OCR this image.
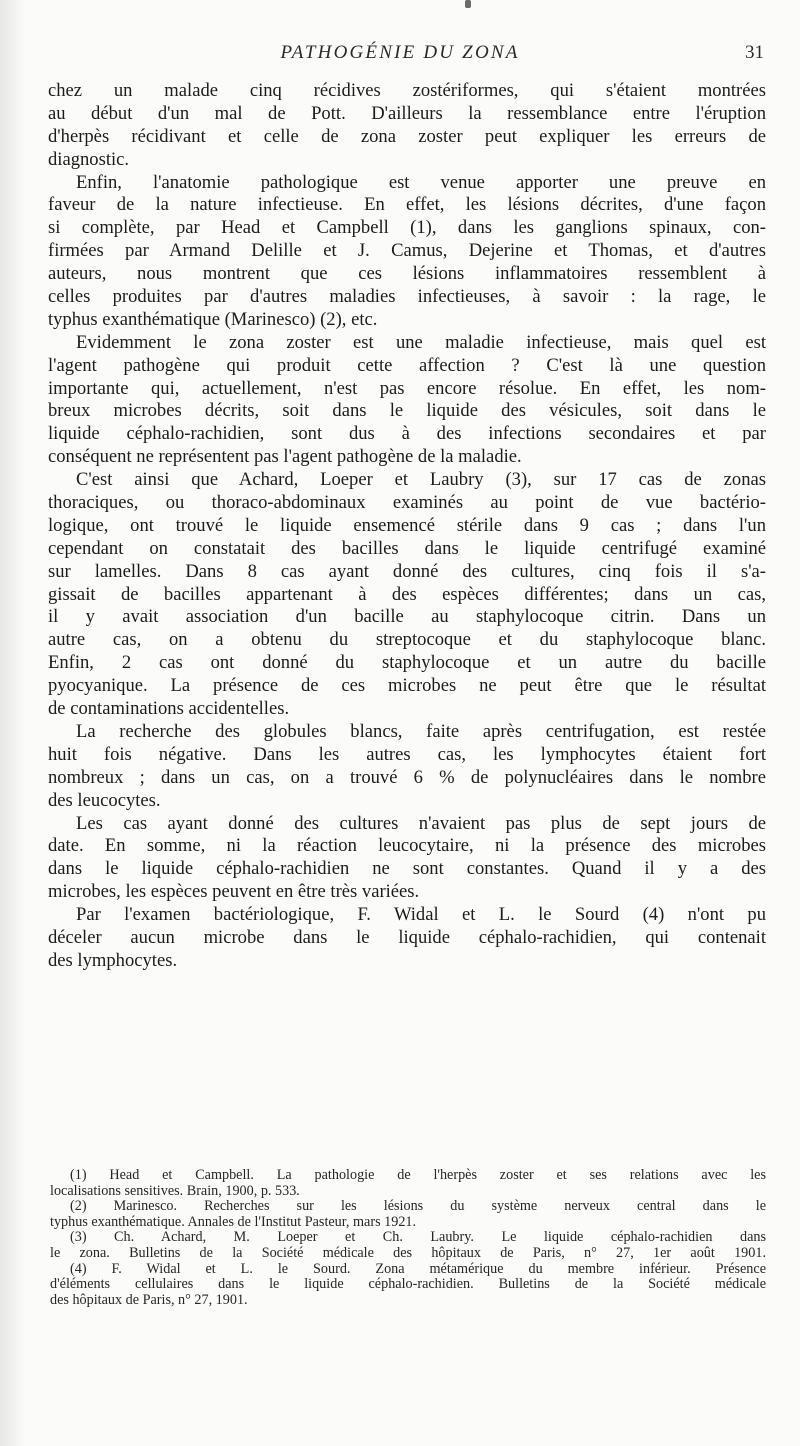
PATHOGÉNIE DU ZONA	31
chez un malade cinq récidives zostériformes, qui s'étaient montrées
au début d'un mal de Pott. D'ailleurs la ressemblance entre l'éruption
d'herpès récidivant et celle de zona zoster peut expliquer les erreurs de
diagnostic.
Enfin, l'anatomie pathologique est venue apporter une preuve en
faveur de la nature infectieuse. En effet, les lésions décrites, d'une façon
si complète, par Head et Campbell (1), dans les ganglions spinaux, con-
firmées par Armand Delille et J. Camus, Dejerine et Thomas, et d'autres
auteurs, nous montrent que ces lésions inflammatoires ressemblent à
celles produites par d'autres maladies infectieuses, à savoir : la rage, le
typhus exanthématique (Marinesco) (2), etc.
Evidemment le zona zoster est une maladie infectieuse, mais quel est
l'agent pathogène qui produit cette affection ? C'est là une question
importante qui, actuellement, n'est pas encore résolue. En effet, les nom-
breux microbes décrits, soit dans le liquide des vésicules, soit dans le
liquide céphalo-rachidien, sont dus à des infections secondaires et par
conséquent ne représentent pas l'agent pathogène de la maladie.
C'est ainsi que Achard, Loeper et Laubry (3), sur 17 cas de zonas
thoraciques, ou thoraco-abdominaux examinés au point de vue bactério-
logique, ont trouvé le liquide ensemencé stérile dans 9 cas ; dans l'un
cependant on constatait des bacilles dans le liquide centrifugé examiné
sur lamelles. Dans 8 cas ayant donné des cultures, cinq fois il s'a-
gissait de bacilles appartenant à des espèces différentes; dans un cas,
il y avait association d'un bacille au staphylocoque citrin. Dans un
autre cas, on a obtenu du streptocoque et du staphylocoque blanc.
Enfin, 2 cas ont donné du staphylocoque et un autre du bacille
pyocyanique. La présence de ces microbes ne peut être que le résultat
de contaminations accidentelles.
La recherche des globules blancs, faite après centrifugation, est restée
huit fois négative. Dans les autres cas, les lymphocytes étaient fort
nombreux ; dans un cas, on a trouvé 6 % de polynucléaires dans le nombre
des leucocytes.
Les cas ayant donné des cultures n'avaient pas plus de sept jours de
date. En somme, ni la réaction leucocytaire, ni la présence des microbes
dans le liquide céphalo-rachidien ne sont constantes. Quand il y a des
microbes, les espèces peuvent en être très variées.
Par l'examen bactériologique, F. Widal et L. le Sourd (4) n'ont pu
déceler aucun microbe dans le liquide céphalo-rachidien, qui contenait
des lymphocytes.
(1) Head et Campbell. La pathologie de l'herpès zoster et ses relations avec les
localisations sensitives. Brain, 1900, p. 533.
(2) Marinesco. Recherches sur les lésions du système nerveux central dans le
typhus exanthématique. Annales de l'Institut Pasteur, mars 1921.
(3) Ch. Achard, M. Loeper et Ch. Laubry. Le liquide céphalo-rachidien dans
le zona. Bulletins de la Société médicale des hôpitaux de Paris, n° 27, 1er août 1901.
(4) F. Widal et L. le Sourd. Zona métamérique du membre inférieur. Présence
d'éléments cellulaires dans le liquide céphalo-rachidien. Bulletins de la Société médicale
des hôpitaux de Paris, n° 27, 1901.
